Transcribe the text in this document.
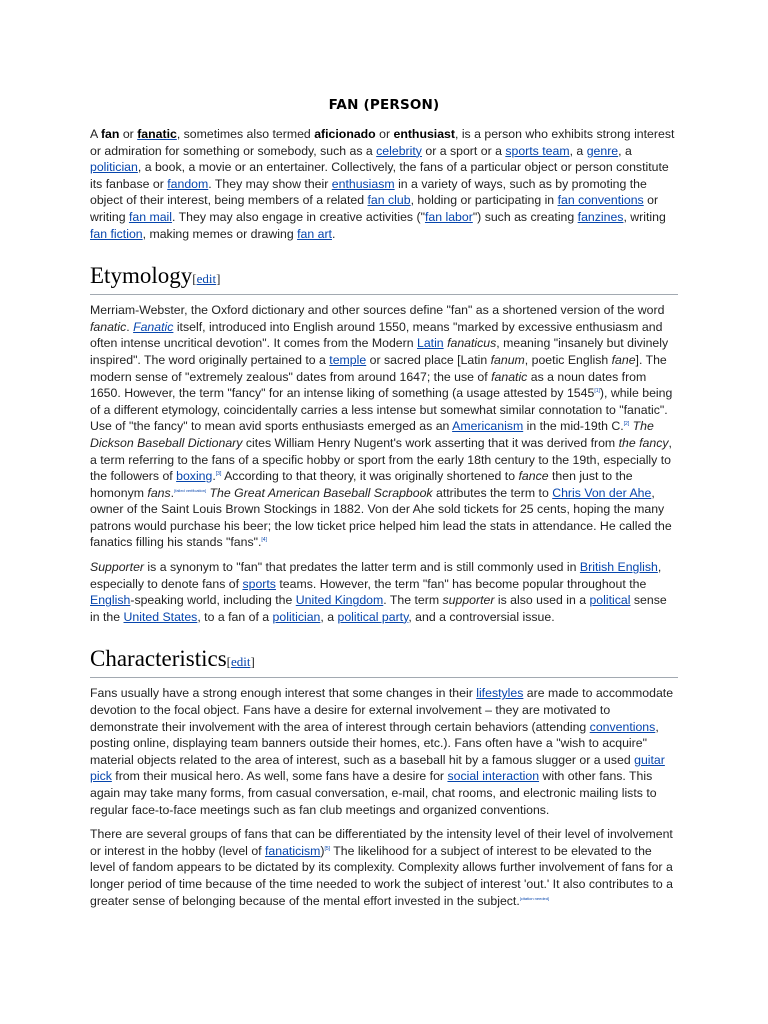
FAN (PERSON)

A fan or fanatic, sometimes also termed aficionado or enthusiast, is a person who exhibits strong interest or admiration for something or somebody, such as a celebrity or a sport or a sports team, a genre, a politician, a book, a movie or an entertainer. Collectively, the fans of a particular object or person constitute its fanbase or fandom. They may show their enthusiasm in a variety of ways, such as by promoting the object of their interest, being members of a related fan club, holding or participating in fan conventions or writing fan mail. They may also engage in creative activities ("fan labor") such as creating fanzines, writing fan fiction, making memes or drawing fan art.

Etymology[edit]

Merriam-Webster, the Oxford dictionary and other sources define "fan" as a shortened version of the word fanatic. Fanatic itself, introduced into English around 1550, means "marked by excessive enthusiasm and often intense uncritical devotion". It comes from the Modern Latin fanaticus, meaning "insanely but divinely inspired". The word originally pertained to a temple or sacred place [Latin fanum, poetic English fane]. The modern sense of "extremely zealous" dates from around 1647; the use of fanatic as a noun dates from 1650. However, the term "fancy" for an intense liking of something (a usage attested by 1545[1]), while being of a different etymology, coincidentally carries a less intense but somewhat similar connotation to "fanatic". Use of "the fancy" to mean avid sports enthusiasts emerged as an Americanism in the mid-19th C.[2] The Dickson Baseball Dictionary cites William Henry Nugent's work asserting that it was derived from the fancy, a term referring to the fans of a specific hobby or sport from the early 18th century to the 19th, especially to the followers of boxing.[3] According to that theory, it was originally shortened to fance then just to the homonym fans.[failed verification] The Great American Baseball Scrapbook attributes the term to Chris Von der Ahe, owner of the Saint Louis Brown Stockings in 1882. Von der Ahe sold tickets for 25 cents, hoping the many patrons would purchase his beer; the low ticket price helped him lead the stats in attendance. He called the fanatics filling his stands "fans".[4]

Supporter is a synonym to "fan" that predates the latter term and is still commonly used in British English, especially to denote fans of sports teams. However, the term "fan" has become popular throughout the English-speaking world, including the United Kingdom. The term supporter is also used in a political sense in the United States, to a fan of a politician, a political party, and a controversial issue.

Characteristics[edit]

Fans usually have a strong enough interest that some changes in their lifestyles are made to accommodate devotion to the focal object. Fans have a desire for external involvement – they are motivated to demonstrate their involvement with the area of interest through certain behaviors (attending conventions, posting online, displaying team banners outside their homes, etc.). Fans often have a "wish to acquire" material objects related to the area of interest, such as a baseball hit by a famous slugger or a used guitar pick from their musical hero. As well, some fans have a desire for social interaction with other fans. This again may take many forms, from casual conversation, e-mail, chat rooms, and electronic mailing lists to regular face-to-face meetings such as fan club meetings and organized conventions.

There are several groups of fans that can be differentiated by the intensity level of their level of involvement or interest in the hobby (level of fanaticism)[5] The likelihood for a subject of interest to be elevated to the level of fandom appears to be dictated by its complexity. Complexity allows further involvement of fans for a longer period of time because of the time needed to work the subject of interest 'out.' It also contributes to a greater sense of belonging because of the mental effort invested in the subject.[citation needed]
